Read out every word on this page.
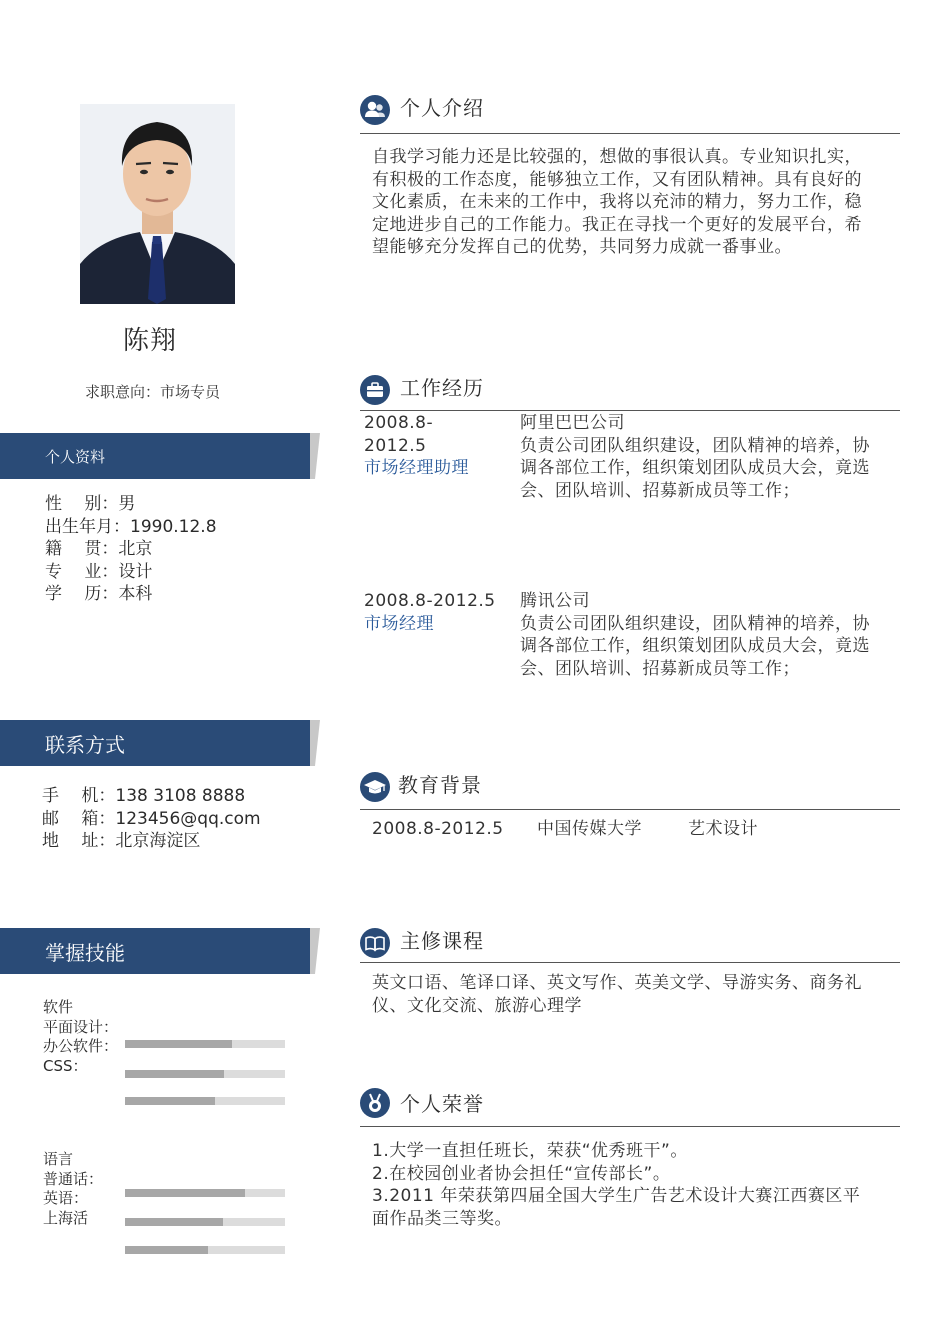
陈翔
求职意向：市场专员
个人资料
性　 别：男
出生年月：1990.12.8
籍　 贯：北京
专　 业：设计
学　 历：本科
联系方式
手　 机：138 3108 8888
邮　 箱：123456@qq.com
地　 址：北京海淀区
掌握技能
软件
平面设计：
办公软件：
CSS：
语言
普通话：
英语：
上海活
个人介绍
自我学习能力还是比较强的，想做的事很认真。专业知识扎实，
有积极的工作态度，能够独立工作，又有团队精神。具有良好的
文化素质，在未来的工作中，我将以充沛的精力，努力工作，稳
定地进步自己的工作能力。我正在寻找一个更好的发展平台，希
望能够充分发挥自己的优势，共同努力成就一番事业。
工作经历
2008.8-
2012.5
市场经理助理
阿里巴巴公司
负责公司团队组织建设，团队精神的培养，协
调各部位工作，组织策划团队成员大会，竟选
会、团队培训、招募新成员等工作；
2008.8-2012.5
市场经理
腾讯公司
负责公司团队组织建设，团队精神的培养，协
调各部位工作，组织策划团队成员大会，竟选
会、团队培训、招募新成员等工作；
教育背景
2008.8-2012.5 中国传媒大学	艺术设计
主修课程
英文口语、笔译口译、英文写作、英美文学、导游实务、商务礼
仪、文化交流、旅游心理学
个人荣誉
1.大学一直担任班长，荣获“优秀班干”。
2.在校园创业者协会担任“宣传部长”。
3.2011 年荣获第四届全国大学生广告艺术设计大赛江西赛区平
面作品类三等奖。
